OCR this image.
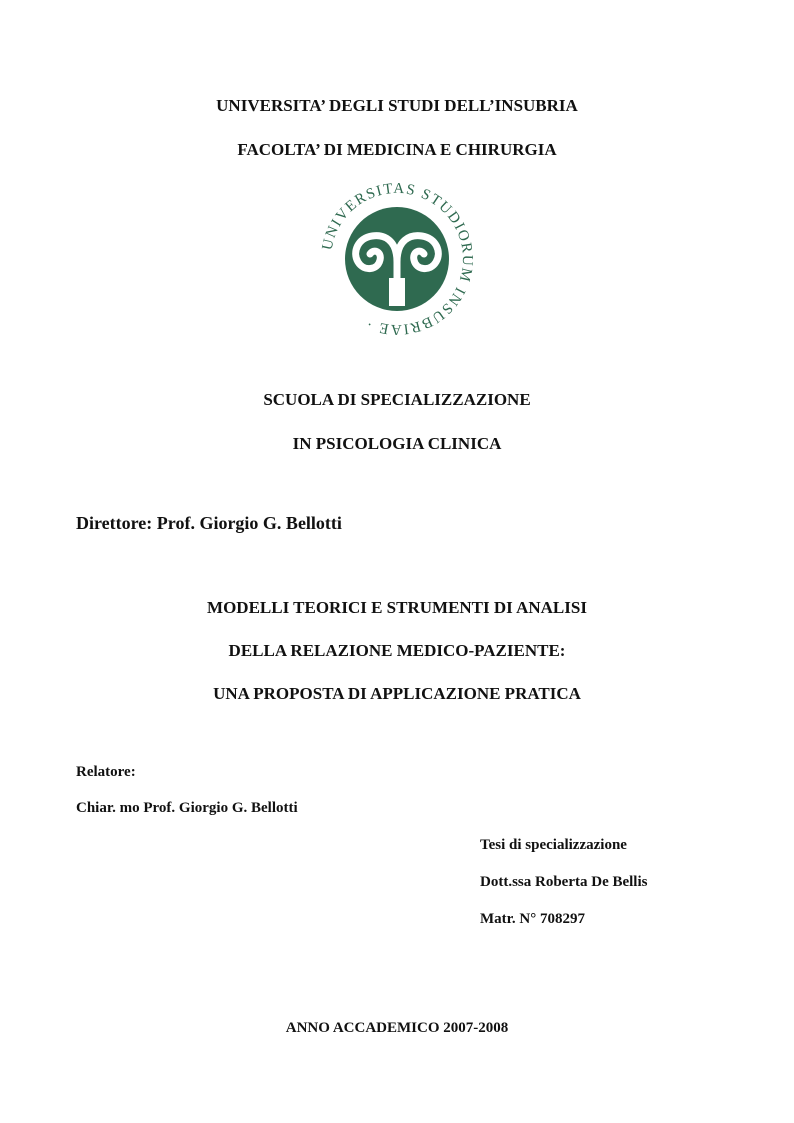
UNIVERSITA’ DEGLI STUDI DELL’INSUBRIA
FACOLTA’ DI MEDICINA E CHIRURGIA
UNIVERSITAS STUDIORUM INSUBRIAE ·
SCUOLA DI SPECIALIZZAZIONE
IN PSICOLOGIA CLINICA
Direttore: Prof. Giorgio G. Bellotti
MODELLI TEORICI E STRUMENTI DI ANALISI
DELLA RELAZIONE MEDICO-PAZIENTE:
UNA PROPOSTA DI APPLICAZIONE PRATICA
Relatore:
Chiar. mo Prof. Giorgio G. Bellotti
Tesi di specializzazione
Dott.ssa Roberta De Bellis
Matr. N° 708297
ANNO ACCADEMICO 2007-2008
